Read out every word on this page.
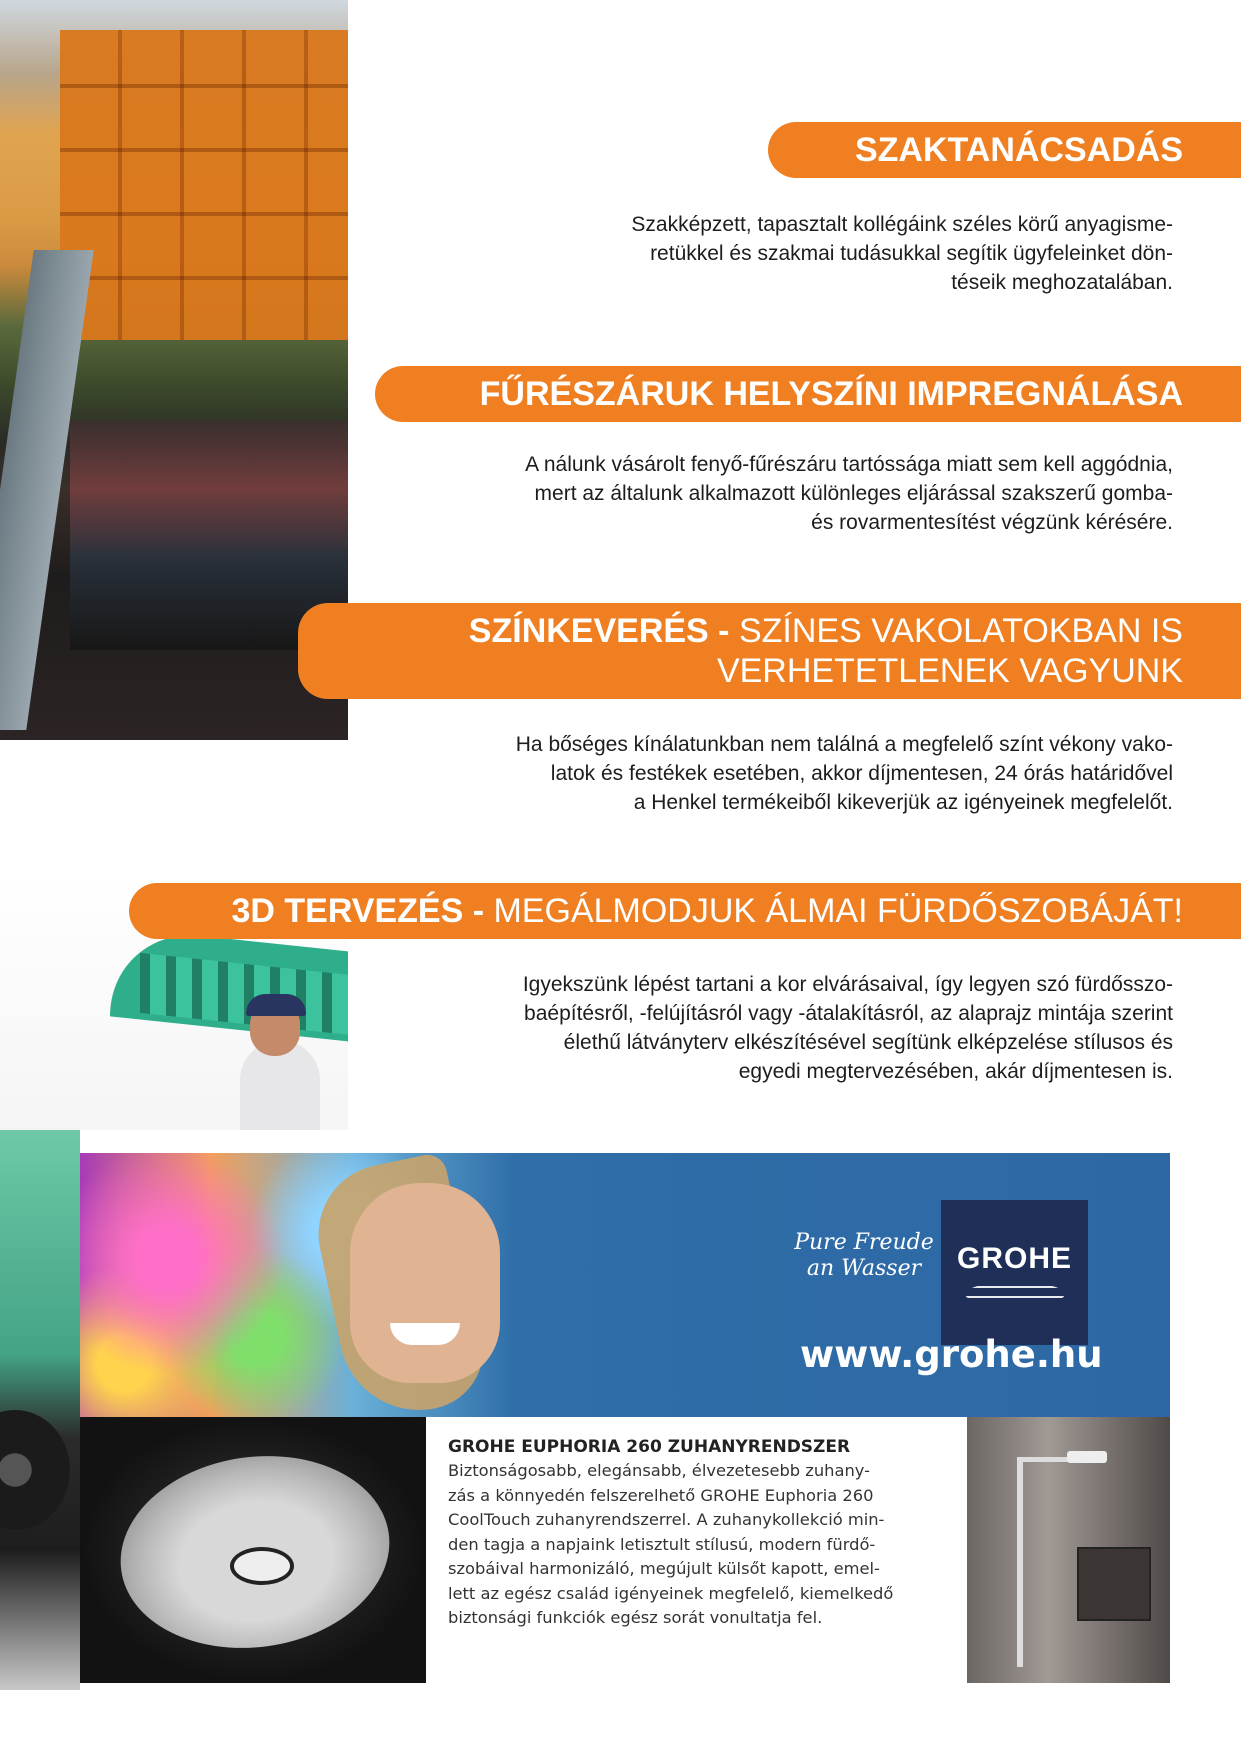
SZAKTANÁCSADÁS
Szakképzett, tapasztalt kollégáink széles körű anyagisme-
retükkel és szakmai tudásukkal segítik ügyfeleinket dön-
téseik meghozatalában.
FŰRÉSZÁRUK HELYSZÍNI IMPREGNÁLÁSA
A nálunk vásárolt fenyő-fűrészáru tartóssága miatt sem kell aggódnia,
mert az általunk alkalmazott különleges eljárással szakszerű gomba-
és rovarmentesítést végzünk kérésére.
SZÍNKEVERÉS - SZÍNES VAKOLATOKBAN IS
VERHETETLENEK VAGYUNK
Ha bőséges kínálatunkban nem találná a megfelelő színt vékony vako-
latok és festékek esetében, akkor díjmentesen, 24 órás határidővel
a Henkel termékeiből kikeverjük az igényeinek megfelelőt.
3D TERVEZÉS - MEGÁLMODJUK ÁLMAI FÜRDŐSZOBÁJÁT!
Igyekszünk lépést tartani a kor elvárásaival, így legyen szó fürdősszo-
baépítésről, -felújításról vagy -átalakításról, az alaprajz mintája szerint
élethű látványterv elkészítésével segítünk elképzelése stílusos és
egyedi megtervezésében, akár díjmentesen is.
Pure Freude
an Wasser	GROHE
www.grohe.hu
GROHE EUPHORIA 260 ZUHANYRENDSZER
Biztonságosabb, elegánsabb, élvezetesebb zuhany-
zás a könnyedén felszerelhető GROHE Euphoria 260
CoolTouch zuhanyrendszerrel. A zuhanykollekció min-
den tagja a napjaink letisztult stílusú, modern fürdő-
szobáival harmonizáló, megújult külsőt kapott, emel-
lett az egész család igényeinek megfelelő, kiemelkedő
biztonsági funkciók egész sorát vonultatja fel.
